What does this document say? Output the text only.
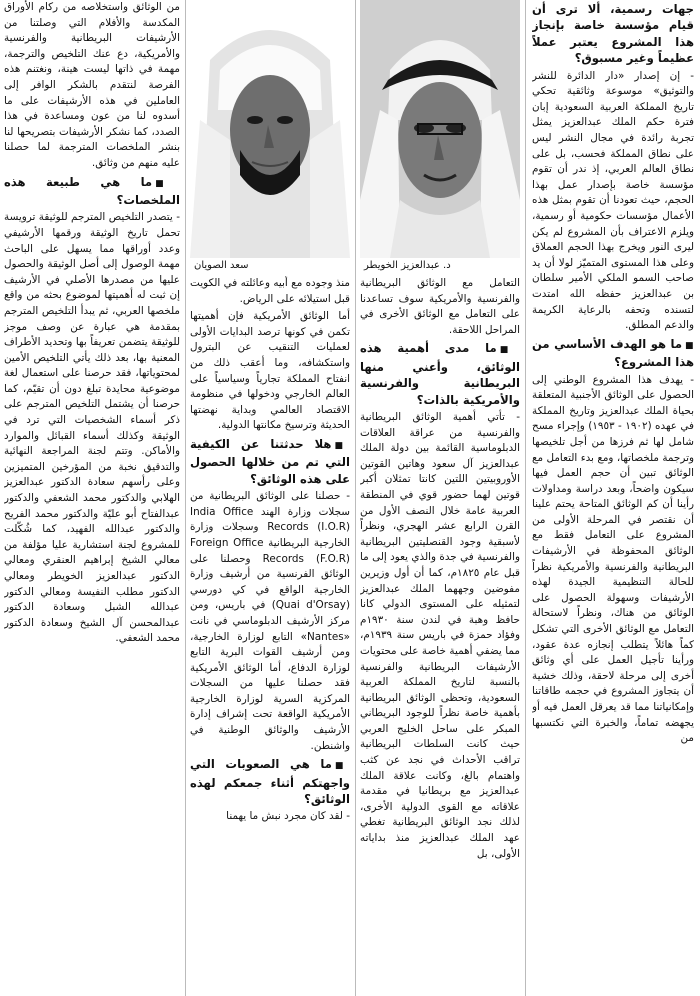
د. عبدالعزيز الخويطر
سعد الصويان

جهات رسمية، ألا ترى أن قيام مؤسسة خاصة بإنجاز هذا المشروع يعتبر عملاً عظيماً وغير مسبوق؟

- إن إصدار «دار الدائرة للنشر والتوثيق» موسوعة وثائقية تحكي تاريخ المملكة العربية السعودية إبان فترة حكم الملك عبدالعزيز يمثل تجربة رائدة في مجال النشر ليس على نطاق المملكة فحسب، بل على نطاق العالم العربي، إذ ندر أن تقوم مؤسسة خاصة بإصدار عمل بهذا الحجم، حيث تعودنا أن تقوم بمثل هذه الأعمال مؤسسات حكومية أو رسمية، ويلزم الاعتراف بأن المشروع لم يكن ليرى النور ويخرج بهذا الحجم العملاق وعلى هذا المستوى المتميّز لولا أن يد صاحب السمو الملكي الأمير سلطان بن عبدالعزيز حفظه الله امتدت لتسنده وتحفه بالرعاية الكريمة والدعم المطلق.

■ما هو الهدف الأساسي من هذا المشروع؟

- يهدف هذا المشروع الوطني إلى الحصول على الوثائق الأجنبية المتعلقة بحياة الملك عبدالعزيز وتاريخ المملكة في عهده (١٩٠٢ - ١٩٥٣) وإجراء مسح شامل لها ثم فرزها من أجل تلخيصها وترجمة ملخصاتها، ومع بدء التعامل مع الوثائق تبين أن حجم العمل فيها سيكون واضحاً، وبعد دراسة ومداولات رأينا أن كم الوثائق المتاحة يحتم علينا أن نقتصر في المرحلة الأولى من المشروع على التعامل فقط مع الوثائق المحفوظة في الأرشيفات البريطانية والفرنسية والأمريكية نظراً للحالة التنظيمية الجيدة لهذه الأرشيفات وسهولة الحصول على الوثائق من هناك، ونظراً لاستحالة التعامل مع الوثائق الأخرى التي تشكل كماً هائلاً يتطلب إنجازه عدة عقود، ورأينا تأجيل العمل على أي وثائق أخرى إلى مرحلة لاحقة، وذلك خشية أن يتجاوز المشروع في حجمه طاقاتنا وإمكانياتنا مما قد يعرقل العمل فيه أو يجهضه تماماً، والخبرة التي نكتسبها من

التعامل مع الوثائق البريطانية والفرنسية والأمريكية سوف تساعدنا على التعامل مع الوثائق الأخرى في المراحل اللاحقة.

■ما مدى أهمية هذه الوثائق، وأعني منها البريطانية والفرنسية والأمريكية بالذات؟

- تأتي أهمية الوثائق البريطانية والفرنسية من عراقة العلاقات الدبلوماسية القائمة بين دولة الملك عبدالعزيز آل سعود وهاتين القوتين الأوروبيتين اللتين كانتا تمثلان أكبر قوتين لهما حضور قوي في المنطقة العربية عامة خلال النصف الأول من القرن الرابع عشر الهجري، ونظراً لأسبقية وجود القنصليتين البريطانية والفرنسية في جدة والذي يعود إلى ما قبل عام ١٨٢٥م، كما أن أول وزيرين مفوضين وجههما الملك عبدالعزيز لتمثيله على المستوى الدولي كانا حافظ وهبة في لندن سنة ١٩٣٠م وفؤاد حمزة في باريس سنة ١٩٣٩م، مما يضفي أهمية خاصة على محتويات الأرشيفات البريطانية والفرنسية بالنسبة لتاريخ المملكة العربية السعودية، وتحظى الوثائق البريطانية بأهمية خاصة نظراً للوجود البريطاني المبكر على ساحل الخليج العربي حيث كانت السلطات البريطانية تراقب الأحداث في نجد عن كثب واهتمام بالغ، وكانت علاقة الملك عبدالعزيز مع بريطانيا في مقدمة علاقاته مع القوى الدولية الأخرى، لذلك نجد الوثائق البريطانية تغطي عهد الملك عبدالعزيز منذ بداياته الأولى، بل

منذ وجوده مع أبيه وعائلته في الكويت قبل استيلائه على الرياض.

أما الوثائق الأمريكية فإن أهميتها تكمن في كونها ترصد البدايات الأولى لعمليات التنقيب عن البترول واستكشافه، وما أعقب ذلك من انفتاح المملكة تجارياً وسياسياً على العالم الخارجي ودخولها في منظومة الاقتصاد العالمي وبداية نهضتها الحديثة وترسيخ مكانتها الدولية.

■هلا حدثتنا عن الكيفية التي تم من خلالها الحصول على هذه الوثائق؟

- حصلنا على الوثائق البريطانية من سجلات وزارة الهند India Office Records (I.O.R) وسجلات وزارة الخارجية البريطانية Foreign Office Records (F.O.R) وحصلنا على الوثائق الفرنسية من أرشيف وزارة الخارجية الواقع في كي دورسي (Quai d'Orsay) في باريس، ومن مركز الأرشيف الدبلوماسي في نانت «Nantes» التابع لوزارة الخارجية، ومن أرشيف القوات البرية التابع لوزارة الدفاع، أما الوثائق الأمريكية فقد حصلنا عليها من السجلات المركزية السرية لوزارة الخارجية الأمريكية الواقعة تحت إشراف إدارة الأرشيف والوثائق الوطنية في واشنطن.

■ما هي الصعوبات التي واجهتكم أثناء جمعكم لهذه الوثائق؟

- لقد كان مجرد نبش ما يهمنا

من الوثائق واستخلاصه من ركام الأوراق المكدسة والأفلام التي وصلتنا من الأرشيفات البريطانية والفرنسية والأمريكية، دع عنك التلخيص والترجمة، مهمة في ذاتها ليست هينة، ونغتنم هذه الفرصة لنتقدم بالشكر الوافر إلى العاملين في هذه الأرشيفات على ما أسدوه لنا من عون ومساعدة في هذا الصدد، كما نشكر الأرشيفات بتصريحها لنا بنشر الملخصات المترجمة لما حصلنا عليه منهم من وثائق.

■ما هي طبيعة هذه الملخصات؟

- يتصدر التلخيص المترجم للوثيقة ترويسة تحمل تاريخ الوثيقة ورقمها الأرشيفي وعدد أوراقها مما يسهل على الباحث مهمة الوصول إلى أصل الوثيقة والحصول عليها من مصدرها الأصلي في الأرشيف إن ثبت له أهميتها لموضوع بحثه من واقع ملخصها العربي، ثم يبدأ التلخيص المترجم بمقدمة هي عبارة عن وصف موجز للوثيقة يتضمن تعريفاً بها وتحديد الأطراف المعنية بها، بعد ذلك يأتي التلخيص الأمين لمحتوياتها، فقد حرصنا على استعمال لغة موضوعية محايدة تبلغ دون أن تقيّم، كما حرصنا أن يشتمل التلخيص المترجم على ذكر أسماء الشخصيات التي ترد في الوثيقة وكذلك أسماء القبائل والموارد والأماكن. وتتم لجنة المراجعة النهائية والتدقيق نخبة من المؤرخين المتميزين وعلى رأسهم سعادة الدكتور عبدالعزيز الهلابي والدكتور محمد الشعفي والدكتور عبدالفتاح أبو عليّة والدكتور محمد الفريح والدكتور عبدالله الفهيد، كما شُكّلت للمشروع لجنة استشارية عليا مؤلفة من معالي الشيخ إبراهيم العنقري ومعالي الدكتور عبدالعزيز الخويطر ومعالي الدكتور مطلب النفيسة ومعالي الدكتور عبدالله الشبل وسعادة الدكتور عبدالمحسن آل الشيخ وسعادة الدكتور محمد الشعفي.
